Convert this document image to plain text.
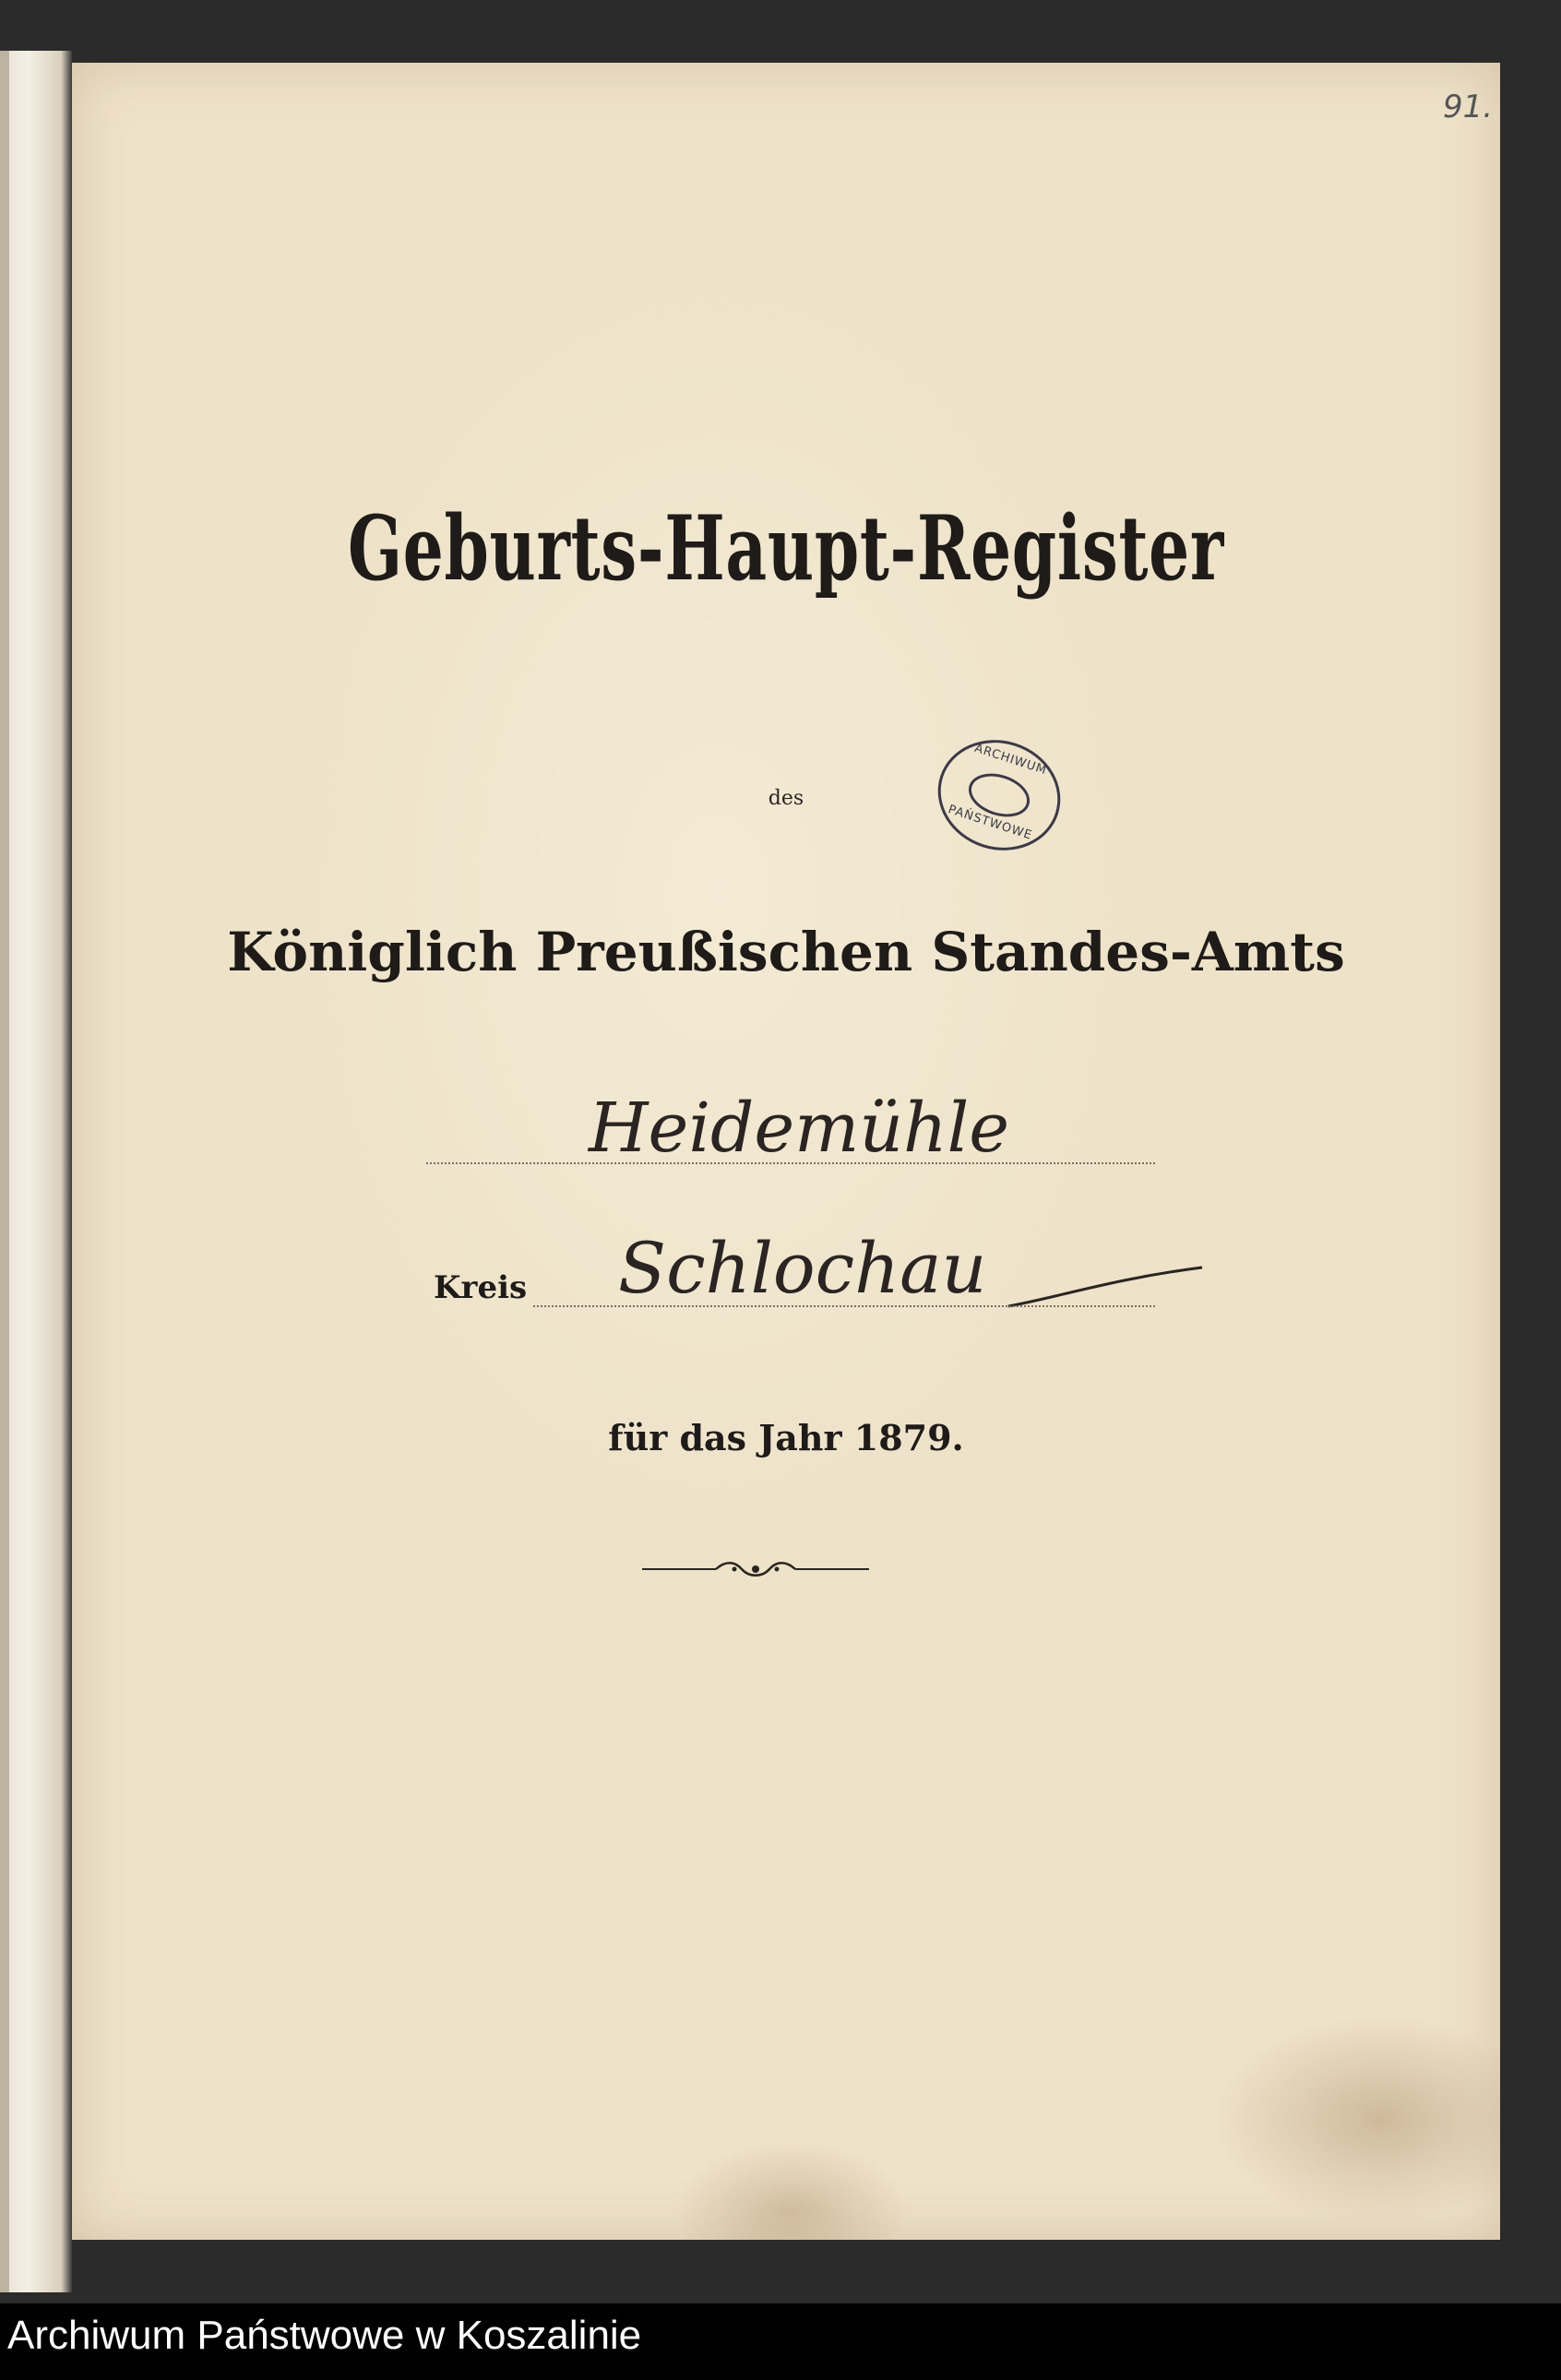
91.
Geburts-Haupt-Register
des
ARCHIWUM
PAŃSTWOWE
Königlich Preußischen Standes-Amts
Heidemühle
Kreis Schlochau
für das Jahr 1879.
Archiwum Państwowe w Koszalinie
